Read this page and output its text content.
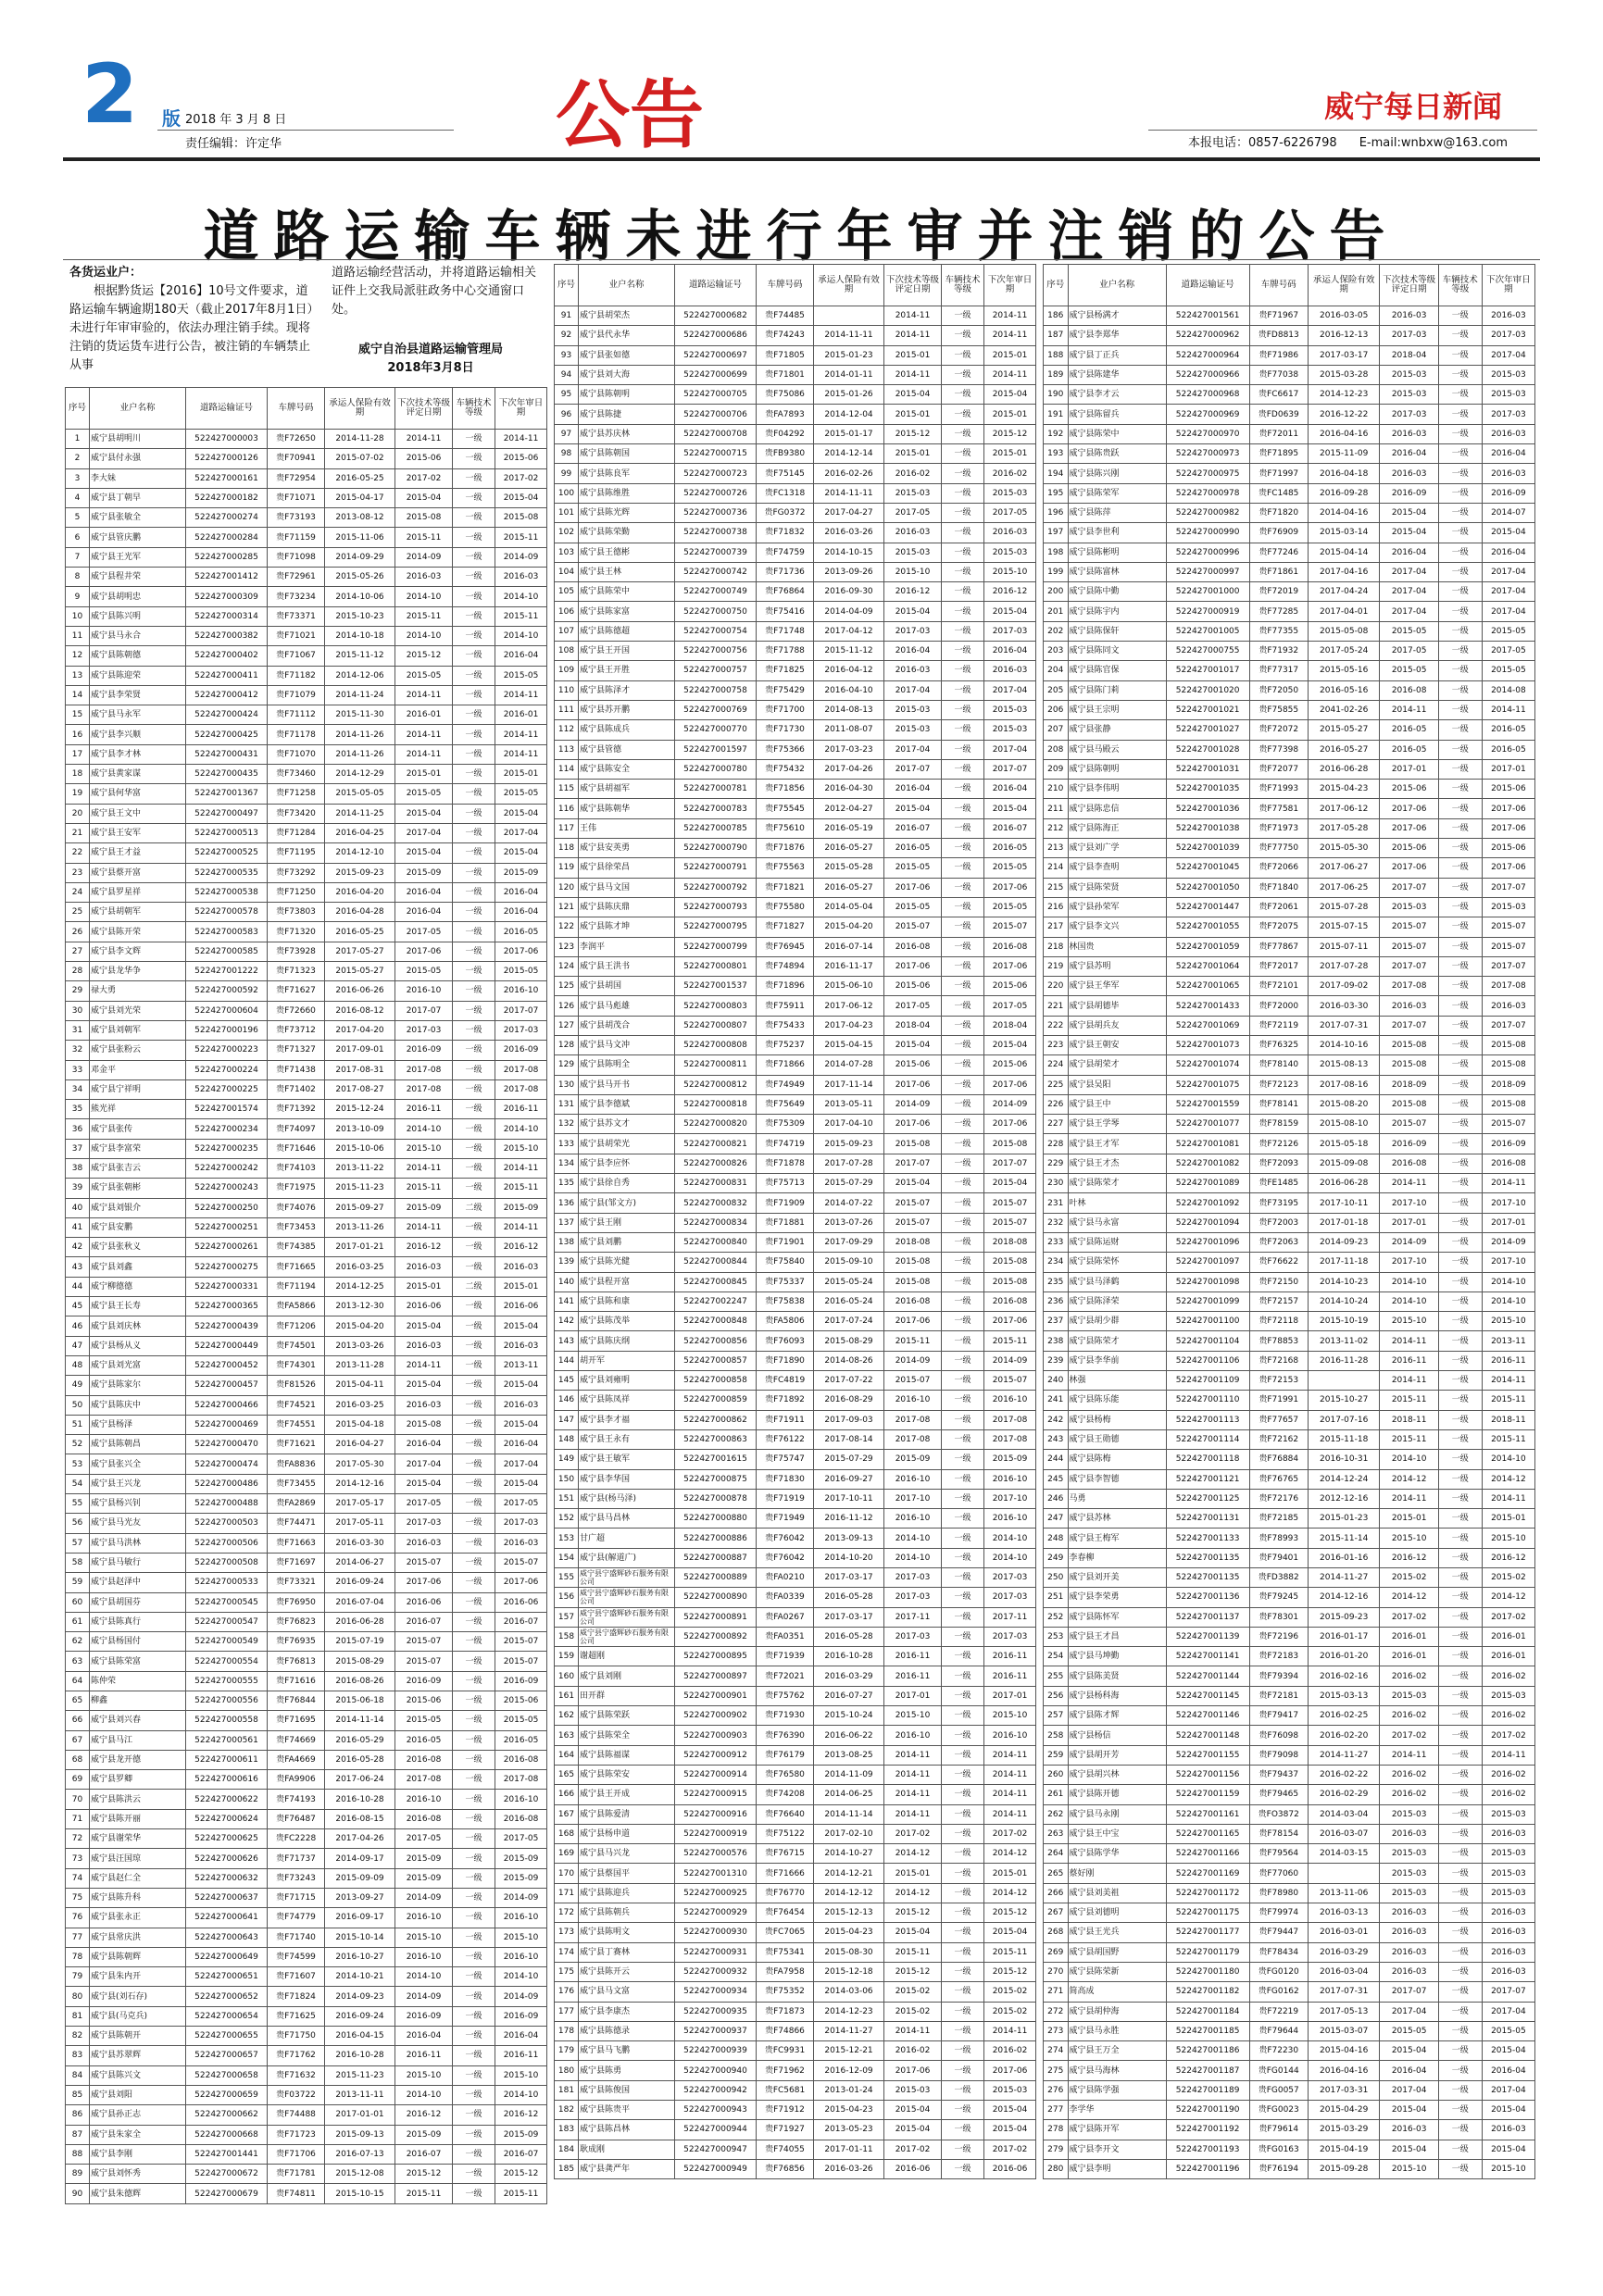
2 版 2018 年 3 月 8 日
责任编辑：许定华	公告	威宁每日新闻
本报电话：0857-6226798 E-mail:wnbxw@163.com
道路运输车辆未进行年审并注销的公告

各货运业户：

根据黔货运【2016】10号文件要求，道路运输车辆逾期180天（截止2017年8月1日）未进行年审审验的，依法办理注销手续。现将注销的货运货车进行公告，被注销的车辆禁止从事

道路运输经营活动，并将道路运输相关证件上交我局派驻政务中心交通窗口处。

威宁自治县道路运输管理局
2018年3月8日
序号	业户名称	道路运输证号	车牌号码	承运人保险有效期	下次技术等级评定日期	车辆技术等级	下次年审日期
1	威宁县胡明川	522427000003	贵F72650	2014-11-28	2014-11	一级	2014-11
2	威宁县付永强	522427000126	贵F70941	2015-07-02	2015-06	一级	2015-06
3	李大妹	522427000161	贵F72954	2016-05-25	2017-02	一级	2017-02
4	威宁县丁朝早	522427000182	贵F71071	2015-04-17	2015-04	一级	2015-04
5	威宁县张敏全	522427000274	贵F73193	2013-08-12	2015-08	一级	2015-08
6	威宁县管庆鹏	522427000284	贵F71159	2015-11-06	2015-11	一级	2015-11
7	威宁县王光军	522427000285	贵F71098	2014-09-29	2014-09	一级	2014-09
8	威宁县程井荣	522427001412	贵F72961	2015-05-26	2016-03	一级	2016-03
9	威宁县胡明忠	522427000309	贵F73234	2014-10-06	2014-10	一级	2014-10
10	威宁县陈兴明	522427000314	贵F73371	2015-10-23	2015-11	一级	2015-11
11	威宁县马永合	522427000382	贵F71021	2014-10-18	2014-10	一级	2014-10
12	威宁县陈朝德	522427000402	贵F71067	2015-11-12	2015-12	一级	2016-04
13	威宁县陈迎荣	522427000411	贵F71182	2014-12-06	2015-05	一级	2015-05
14	威宁县李荣贤	522427000412	贵F71079	2014-11-24	2014-11	一级	2014-11
15	威宁县马永军	522427000424	贵F71112	2015-11-30	2016-01	一级	2016-01
16	威宁县李兴顺	522427000425	贵F71178	2014-11-26	2014-11	一级	2014-11
17	威宁县李才林	522427000431	贵F71070	2014-11-26	2014-11	一级	2014-11
18	威宁县黄家谋	522427000435	贵F73460	2014-12-29	2015-01	一级	2015-01
19	威宁县何华富	522427001367	贵F71258	2015-05-05	2015-05	一级	2015-05
20	威宁县王文中	522427000497	贵F73420	2014-11-25	2015-04	一级	2015-04
21	威宁县王安军	522427000513	贵F71284	2016-04-25	2017-04	一级	2017-04
22	威宁县王才益	522427000525	贵F71195	2014-12-10	2015-04	一级	2015-04
23	威宁县蔡开富	522427000535	贵F73292	2015-09-23	2015-09	一级	2015-09
24	威宁县罗星祥	522427000538	贵F71250	2016-04-20	2016-04	一级	2016-04
25	威宁县胡朝军	522427000578	贵F73803	2016-04-28	2016-04	一级	2016-04
26	威宁县陈开荣	522427000583	贵F71320	2016-05-25	2017-05	一级	2016-05
27	威宁县李文辉	522427000585	贵F73928	2017-05-27	2017-06	一级	2017-06
28	威宁县龙华争	522427001222	贵F71323	2015-05-27	2015-05	一级	2015-05
29	禄大勇	522427000592	贵F71627	2016-06-26	2016-10	一级	2016-10
30	威宁县刘光荣	522427000604	贵F72660	2016-08-12	2017-07	一级	2017-07
31	威宁县刘朝军	522427000196	贵F73712	2017-04-20	2017-03	一级	2017-03
32	威宁县张粉云	522427000223	贵F71327	2017-09-01	2016-09	一级	2016-09
33	邓金平	522427000224	贵F71438	2017-08-31	2017-08	一级	2017-08
34	威宁县宁祥明	522427000225	贵F71402	2017-08-27	2017-08	一级	2017-08
35	熊光祥	522427001574	贵F71392	2015-12-24	2016-11	一级	2016-11
36	威宁县张传	522427000234	贵F74097	2013-10-09	2014-10	一级	2014-10
37	威宁县李富荣	522427000235	贵F71646	2015-10-06	2015-10	一级	2015-10
38	威宁县张吉云	522427000242	贵F74103	2013-11-22	2014-11	一级	2014-11
39	威宁县张朝彬	522427000243	贵F71975	2015-11-23	2015-11	一级	2015-11
40	威宁县刘银介	522427000250	贵F74076	2015-09-27	2015-09	二级	2015-09
41	威宁县安鹏	522427000251	贵F73453	2013-11-26	2014-11	一级	2014-11
42	威宁县张秋义	522427000261	贵F74385	2017-01-21	2016-12	一级	2016-12
43	威宁县刘鑫	522427000275	贵F71665	2016-03-25	2016-03	一级	2016-03
44	威宁柳德德	522427000331	贵F71194	2014-12-25	2015-01	二级	2015-01
45	威宁县王长寿	522427000365	贵FA5866	2013-12-30	2016-06	一级	2016-06
46	威宁县刘庆林	522427000439	贵F71206	2015-04-20	2015-04	一级	2015-04
47	威宁县杨从义	522427000449	贵F74501	2013-03-26	2016-03	一级	2016-03
48	威宁县刘光富	522427000452	贵F74301	2013-11-28	2014-11	一级	2013-11
49	威宁县陈家尔	522427000457	贵F81526	2015-04-11	2015-04	一级	2015-04
50	威宁县陈庆中	522427000466	贵F74521	2016-03-25	2016-03	一级	2016-03
51	威宁县杨泽	522427000469	贵F74551	2015-04-18	2015-08	一级	2015-04
52	威宁县陈朝昌	522427000470	贵F71621	2016-04-27	2016-04	一级	2016-04
53	威宁县张兴全	522427000474	贵FA8836	2017-05-30	2017-04	一级	2017-04
54	威宁县王兴龙	522427000486	贵F73455	2014-12-16	2015-04	一级	2015-04
55	威宁县杨兴钊	522427000488	贵FA2869	2017-05-17	2017-05	一级	2017-05
56	威宁县马光友	522427000503	贵F74471	2017-05-11	2017-03	一级	2017-03
57	威宁县马洪林	522427000506	贵F71663	2016-03-30	2016-03	一级	2016-03
58	威宁县马敏行	522427000508	贵F71697	2014-06-27	2015-07	一级	2015-07
59	威宁县赵泽中	522427000533	贵F73321	2016-09-24	2017-06	一级	2017-06
60	威宁县胡国芬	522427000545	贵F76950	2016-07-04	2016-06	一级	2016-06
61	威宁县陈真行	522427000547	贵F76823	2016-06-28	2016-07	一级	2016-07
62	威宁县杨国付	522427000549	贵F76935	2015-07-19	2015-07	一级	2015-07
63	威宁县陈荣富	522427000554	贵F76813	2015-08-29	2015-07	一级	2015-07
64	陈仲荣	522427000555	贵F71616	2016-08-26	2016-09	一级	2016-09
65	柳鑫	522427000556	贵F76844	2015-06-18	2015-06	一级	2015-06
66	威宁县刘兴春	522427000558	贵F71695	2014-11-14	2015-05	一级	2015-05
67	威宁县马江	522427000561	贵F74669	2016-05-29	2016-05	一级	2016-05
68	威宁县龙开德	522427000611	贵FA4669	2016-05-28	2016-08	一级	2016-08
69	威宁县罗卿	522427000616	贵FA9906	2017-06-24	2017-08	一级	2017-08
70	威宁县陈洪云	522427000622	贵F74193	2016-10-28	2016-10	一级	2016-10
71	威宁县陈开丽	522427000624	贵F76487	2016-08-15	2016-08	一级	2016-08
72	威宁县谢荣华	522427000625	贵FC2228	2017-04-26	2017-05	一级	2017-05
73	威宁县汪国琼	522427000626	贵F71737	2014-09-17	2015-09	一级	2015-09
74	威宁县赵仁全	522427000632	贵F73243	2015-09-09	2015-09	一级	2015-09
75	威宁县陈升科	522427000637	贵F71715	2013-09-27	2014-09	一级	2014-09
76	威宁县张永正	522427000641	贵F74779	2016-09-17	2016-10	一级	2016-10
77	威宁县常庆洪	522427000643	贵F71740	2015-10-14	2015-10	一级	2015-10
78	威宁县陈朝辉	522427000649	贵F74599	2016-10-27	2016-10	一级	2016-10
79	威宁县朱内开	522427000651	贵F71607	2014-10-21	2014-10	一级	2014-10
80	威宁县(刘石存)	522427000652	贵F71824	2014-09-23	2014-09	一级	2014-09
81	威宁县(马克兵)	522427000654	贵F71625	2016-09-24	2016-09	一级	2016-09
82	威宁县陈朝开	522427000655	贵F71750	2016-04-15	2016-04	一级	2016-04
83	威宁县苏翠辉	522427000657	贵F71762	2016-10-28	2016-11	一级	2016-11
84	威宁县陈兴文	522427000658	贵F71632	2015-11-23	2015-10	一级	2015-10
85	威宁县刘阳	522427000659	贵F03722	2013-11-11	2014-10	一级	2014-10
86	威宁县孙正志	522427000662	贵F74488	2017-01-01	2016-12	一级	2016-12
87	威宁县朱家全	522427000668	贵F71723	2015-09-13	2015-09	一级	2015-09
88	威宁县李刚	522427001441	贵F71706	2016-07-13	2016-07	一级	2016-07
89	威宁县刘怀秀	522427000672	贵F71781	2015-12-08	2015-12	一级	2015-12
90	威宁县朱德辉	522427000679	贵F74811	2015-10-15	2015-11	一级	2015-11
序号	业户名称	道路运输证号	车牌号码	承运人保险有效期	下次技术等级评定日期	车辆技术等级	下次年审日期
91	威宁县胡荣杰	522427000682	贵F74485		2014-11	一级	2014-11
92	威宁县代永华	522427000686	贵F74243	2014-11-11	2014-11	一级	2014-11
93	威宁县张如德	522427000697	贵F71805	2015-01-23	2015-01	一级	2015-01
94	威宁县刘大海	522427000699	贵F71801	2014-01-11	2014-11	一级	2014-11
95	威宁县陈朝明	522427000705	贵F75086	2015-01-26	2015-04	一级	2015-04
96	威宁县陈捷	522427000706	贵FA7893	2014-12-04	2015-01	一级	2015-01
97	威宁县苏庆林	522427000708	贵F04292	2015-01-17	2015-12	一级	2015-12
98	威宁县陈朝国	522427000715	贵FB9380	2014-12-14	2015-01	一级	2015-01
99	威宁县陈良军	522427000723	贵F75145	2016-02-26	2016-02	一级	2016-02
100	威宁县陈维胜	522427000726	贵FC1318	2014-11-11	2015-03	一级	2015-03
101	威宁县陈光辉	522427000736	贵FG0372	2017-04-27	2017-05	一级	2017-05
102	威宁县陈荣勤	522427000738	贵F71832	2016-03-26	2016-03	一级	2016-03
103	威宁县王德彬	522427000739	贵F74759	2014-10-15	2015-03	一级	2015-03
104	威宁县王林	522427000742	贵F71736	2013-09-26	2015-10	一级	2015-10
105	威宁县陈荣中	522427000749	贵F76864	2016-09-30	2016-12	一级	2016-12
106	威宁县陈家富	522427000750	贵F75416	2014-04-09	2015-04	一级	2015-04
107	威宁县陈德超	522427000754	贵F71748	2017-04-12	2017-03	一级	2017-03
108	威宁县王开国	522427000756	贵F71788	2015-11-12	2016-04	一级	2016-04
109	威宁县王开胜	522427000757	贵F71825	2016-04-12	2016-03	一级	2016-03
110	威宁县陈泽才	522427000758	贵F75429	2016-04-10	2017-04	一级	2017-04
111	威宁县苏开鹏	522427000769	贵F71700	2014-08-13	2015-03	一级	2015-03
112	威宁县陈成兵	522427000770	贵F71730	2011-08-07	2015-03	一级	2015-03
113	威宁县管德	522427001597	贵F75366	2017-03-23	2017-04	一级	2017-04
114	威宁县陈安全	522427000780	贵F75432	2017-04-26	2017-07	一级	2017-07
115	威宁县胡福军	522427000781	贵F71856	2016-04-30	2016-04	一级	2016-04
116	威宁县陈朝华	522427000783	贵F75545	2012-04-27	2015-04	一级	2015-04
117	王伟	522427000785	贵F75610	2016-05-19	2016-07	一级	2016-07
118	威宁县安英勇	522427000790	贵F71876	2016-05-27	2016-05	一级	2016-05
119	威宁县徐荣昌	522427000791	贵F75563	2015-05-28	2015-05	一级	2015-05
120	威宁县马文国	522427000792	贵F71821	2016-05-27	2017-06	一级	2017-06
121	威宁县陈庆鼎	522427000793	贵F75580	2014-05-04	2015-05	一级	2015-05
122	威宁县陈才坤	522427000795	贵F71827	2015-04-20	2015-07	一级	2015-07
123	李润平	522427000799	贵F76945	2016-07-14	2016-08	一级	2016-08
124	威宁县王洪书	522427000801	贵F74894	2016-11-17	2017-06	一级	2017-06
125	威宁县胡国	522427001537	贵F71896	2015-06-10	2015-06	一级	2015-06
126	威宁县马彪雄	522427000803	贵F75911	2017-06-12	2017-05	一级	2017-05
127	威宁县胡茂合	522427000807	贵F75433	2017-04-23	2018-04	一级	2018-04
128	威宁县马文冲	522427000808	贵F75237	2015-04-15	2015-04	一级	2015-04
129	威宁县陈明全	522427000811	贵F71866	2014-07-28	2015-06	一级	2015-06
130	威宁县马开书	522427000812	贵F74949	2017-11-14	2017-06	一级	2017-06
131	威宁县李德斌	522427000818	贵F75649	2013-05-11	2014-09	一级	2014-09
132	威宁县苏文才	522427000820	贵F75309	2017-04-10	2017-06	一级	2017-06
133	威宁县胡荣光	522427000821	贵F74719	2015-09-23	2015-08	一级	2015-08
134	威宁县李应怀	522427000826	贵F71878	2017-07-28	2017-07	一级	2017-07
135	威宁县徐自秀	522427000831	贵F75713	2015-07-29	2015-04	一级	2015-04
136	威宁县(邹文方)	522427000832	贵F71909	2014-07-22	2015-07	一级	2015-07
137	威宁县王刚	522427000834	贵F71881	2013-07-26	2015-07	一级	2015-07
138	威宁县刘鹏	522427000840	贵F71901	2017-09-29	2018-08	一级	2018-08
139	威宁县陈光健	522427000844	贵F75840	2015-09-10	2015-08	一级	2015-08
140	威宁县程开富	522427000845	贵F75337	2015-05-24	2015-08	一级	2015-08
141	威宁县陈和康	522427002247	贵F75838	2016-05-24	2016-08	一级	2016-08
142	威宁县陈茂举	522427000848	贵FA5806	2017-07-24	2017-06	一级	2017-06
143	威宁县陈庆纲	522427000856	贵F76093	2015-08-29	2015-11	一级	2015-11
144	胡开军	522427000857	贵F71890	2014-08-26	2014-09	一级	2014-09
145	威宁县刘雍明	522427000858	贵FC4819	2017-07-22	2015-07	一级	2015-07
146	威宁县陈凤祥	522427000859	贵F71892	2016-08-29	2016-10	一级	2016-10
147	威宁县李才福	522427000862	贵F71911	2017-09-03	2017-08	一级	2017-08
148	威宁县王永有	522427000863	贵F76122	2017-08-14	2017-08	一级	2017-08
149	威宁县王敏军	522427001615	贵F75747	2015-07-29	2015-09	一级	2015-09
150	威宁县李华国	522427000875	贵F71830	2016-09-27	2016-10	一级	2016-10
151	威宁县(杨马泽)	522427000878	贵F71919	2017-10-11	2017-10	一级	2017-10
152	威宁县马昌林	522427000880	贵F71949	2016-11-12	2016-10	一级	2016-10
153	甘广超	522427000886	贵F76042	2013-09-13	2014-10	一级	2014-10
154	威宁县(解道广)	522427000887	贵F76042	2014-10-20	2014-10	一级	2014-10
155	威宁县宁盛辉砂石服务有限公司	522427000889	贵FA0210	2017-03-17	2017-03	一级	2017-03
156	威宁县宁盛辉砂石服务有限公司	522427000890	贵FA0339	2016-05-28	2017-03	一级	2017-03
157	威宁县宁盛辉砂石服务有限公司	522427000891	贵FA0267	2017-03-17	2017-11	一级	2017-11
158	威宁县宁盛辉砂石服务有限公司	522427000892	贵FA0351	2016-05-28	2017-03	一级	2017-03
159	谢超刚	522427000895	贵F71939	2016-10-28	2016-11	一级	2016-11
160	威宁县刘刚	522427000897	贵F72021	2016-03-29	2016-11	一级	2016-11
161	田开群	522427000901	贵F75762	2016-07-27	2017-01	一级	2017-01
162	威宁县陈荣跃	522427000902	贵F71930	2015-10-24	2015-10	一级	2015-10
163	威宁县陈荣全	522427000903	贵F76390	2016-06-22	2016-10	一级	2016-10
164	威宁县陈福谋	522427000912	贵F76179	2013-08-25	2014-11	一级	2014-11
165	威宁县陈荣安	522427000914	贵F76580	2014-11-09	2014-11	一级	2014-11
166	威宁县王开成	522427000915	贵F74208	2014-06-25	2014-11	一级	2014-11
167	威宁县陈爱清	522427000916	贵F76640	2014-11-14	2014-11	一级	2014-11
168	威宁县杨申道	522427000919	贵F75122	2017-02-10	2017-02	一级	2017-02
169	威宁县马兴龙	522427000576	贵F76715	2014-10-27	2014-12	一级	2014-12
170	威宁县蔡国平	522427001310	贵F71666	2014-12-21	2015-01	一级	2015-01
171	威宁县陈迎兵	522427000925	贵F76770	2014-12-12	2014-12	一级	2014-12
172	威宁县陈朝兵	522427000929	贵F76454	2015-12-13	2015-12	一级	2015-12
173	威宁县陈明文	522427000930	贵FC7065	2015-04-23	2015-04	一级	2015-04
174	威宁县丁赛林	522427000931	贵F75341	2015-08-30	2015-11	一级	2015-11
175	威宁县陈开云	522427000932	贵FA7958	2015-12-18	2015-12	一级	2015-12
176	威宁县马文富	522427000934	贵F75352	2014-03-06	2015-02	一级	2015-02
177	威宁县李康杰	522427000935	贵F71873	2014-12-23	2015-02	一级	2015-02
178	威宁县陈德录	522427000937	贵F74866	2014-11-27	2014-11	一级	2014-11
179	威宁县马飞鹏	522427000939	贵FC9931	2015-12-21	2016-02	一级	2016-02
180	威宁县陈勇	522427000940	贵F71962	2016-12-09	2017-06	一级	2017-06
181	威宁县陈俊国	522427000942	贵FC5681	2013-01-24	2015-03	一级	2015-03
182	威宁县陈贵平	522427000943	贵F71912	2015-04-23	2015-04	一级	2015-04
183	威宁县陈昌林	522427000944	贵F71927	2013-05-23	2015-04	一级	2015-04
184	耿成刚	522427000947	贵F74055	2017-01-11	2017-02	一级	2017-02
185	威宁县龚严年	522427000949	贵F76856	2016-03-26	2016-06	一级	2016-06
序号	业户名称	道路运输证号	车牌号码	承运人保险有效期	下次技术等级评定日期	车辆技术等级	下次年审日期
186	威宁县杨满才	522427001561	贵F71967	2016-03-05	2016-03	一级	2016-03
187	威宁县李郑华	522427000962	贵FD8813	2016-12-13	2017-03	一级	2017-03
188	威宁县丁正兵	522427000964	贵F71986	2017-03-17	2018-04	一级	2017-04
189	威宁县陈建华	522427000966	贵F77038	2015-03-28	2015-03	一级	2015-03
190	威宁县李才云	522427000968	贵FC6617	2014-12-23	2015-03	一级	2015-03
191	威宁县陈留兵	522427000969	贵FD0639	2016-12-22	2017-03	一级	2017-03
192	威宁县陈荣中	522427000970	贵F72011	2016-04-16	2016-03	一级	2016-03
193	威宁县陈贵跃	522427000973	贵F71895	2015-11-09	2016-04	一级	2016-04
194	威宁县陈兴刚	522427000975	贵F71997	2016-04-18	2016-03	一级	2016-03
195	威宁县陈荣军	522427000978	贵FC1485	2016-09-28	2016-09	一级	2016-09
196	威宁县陈萍	522427000982	贵F71820	2014-04-16	2015-04	一级	2014-07
197	威宁县李世利	522427000990	贵F76909	2015-03-14	2015-04	一级	2015-04
198	威宁县陈彬明	522427000996	贵F77246	2015-04-14	2016-04	一级	2016-04
199	威宁县陈富林	522427000997	贵F71861	2017-04-16	2017-04	一级	2017-04
200	威宁县陈中勤	522427001000	贵F72019	2017-04-24	2017-04	一级	2017-04
201	威宁县陈宇内	522427000919	贵F77285	2017-04-01	2017-04	一级	2017-04
202	威宁县陈保轩	522427001005	贵F77355	2015-05-08	2015-05	一级	2015-05
203	威宁县陈同文	522427000755	贵F71932	2017-05-24	2017-05	一级	2017-05
204	威宁县陈官保	522427001017	贵F77317	2015-05-16	2015-05	一级	2015-05
205	威宁县陈门莉	522427001020	贵F72050	2016-05-16	2016-08	一级	2014-08
206	威宁县王宗明	522427001021	贵F75855	2041-02-26	2014-11	一级	2014-11
207	威宁县张静	522427001027	贵F72072	2015-05-27	2016-05	一级	2016-05
208	威宁县马殿云	522427001028	贵F77398	2016-05-27	2016-05	一级	2016-05
209	威宁县陈朝明	522427001031	贵F72077	2016-06-28	2017-01	一级	2017-01
210	威宁县李伟明	522427001035	贵F71993	2015-04-23	2015-06	一级	2015-06
211	威宁县陈忠信	522427001036	贵F77581	2017-06-12	2017-06	一级	2017-06
212	威宁县陈海正	522427001038	贵F71973	2017-05-28	2017-06	一级	2017-06
213	威宁县刘广学	522427001039	贵F77750	2015-05-30	2015-06	一级	2015-06
214	威宁县李查明	522427001045	贵F72066	2017-06-27	2017-06	一级	2017-06
215	威宁县陈荣贤	522427001050	贵F71840	2017-06-25	2017-07	一级	2017-07
216	威宁县孙荣军	522427001447	贵F72061	2015-07-28	2015-03	一级	2015-03
217	威宁县李文兴	522427001055	贵F72075	2015-07-15	2015-07	一级	2015-07
218	林国贵	522427001059	贵F77867	2015-07-11	2015-07	一级	2015-07
219	威宁县苏明	522427001064	贵F72017	2017-07-28	2017-07	一级	2017-07
220	威宁县王华军	522427001065	贵F72101	2017-09-02	2017-08	一级	2017-08
221	威宁县胡德毕	522427001433	贵F72000	2016-03-30	2016-03	一级	2016-03
222	威宁县胡兵友	522427001069	贵F72119	2017-07-31	2017-07	一级	2017-07
223	威宁县王朝安	522427001073	贵F76325	2014-10-16	2015-08	一级	2015-08
224	威宁县胡荣才	522427001074	贵F78140	2015-08-13	2015-08	一级	2015-08
225	威宁县吴阳	522427001075	贵F72123	2017-08-16	2018-09	一级	2018-09
226	威宁县王中	522427001559	贵F78141	2015-08-20	2015-08	一级	2015-08
227	威宁县王学琴	522427001077	贵F78159	2015-08-10	2015-07	一级	2015-07
228	威宁县王才军	522427001081	贵F72126	2015-05-18	2016-09	一级	2016-09
229	威宁县王才杰	522427001082	贵F72093	2015-09-08	2016-08	一级	2016-08
230	威宁县陈荣才	522427001089	贵FE1485	2016-06-28	2014-11	一级	2014-11
231	叶林	522427001092	贵F73195	2017-10-11	2017-10	一级	2017-10
232	威宁县马永富	522427001094	贵F72003	2017-01-18	2017-01	一级	2017-01
233	威宁县陈运财	522427001096	贵F72063	2014-09-23	2014-09	一级	2014-09
234	威宁县陈荣怀	522427001097	贵F76622	2017-11-18	2017-10	一级	2017-10
235	威宁县马泽鹤	522427001098	贵F72150	2014-10-23	2014-10	一级	2014-10
236	威宁县陈泽荣	522427001099	贵F72157	2014-10-24	2014-10	一级	2014-10
237	威宁县胡少群	522427001100	贵F72118	2015-10-19	2015-10	一级	2015-10
238	威宁县陈荣才	522427001104	贵F78853	2013-11-02	2014-11	一级	2013-11
239	威宁县李华前	522427001106	贵F72168	2016-11-28	2016-11	一级	2016-11
240	林强	522427001109	贵F72153		2014-11	一级	2014-11
241	威宁县陈乐能	522427001110	贵F71991	2015-10-27	2015-11	一级	2015-11
242	威宁县杨梅	522427001113	贵F77657	2017-07-16	2018-11	一级	2018-11
243	威宁县王勋德	522427001114	贵F72162	2015-11-18	2015-11	一级	2015-11
244	威宁县陈梅	522427001118	贵F76884	2016-10-31	2014-10	一级	2014-10
245	威宁县李智德	522427001121	贵F76765	2014-12-24	2014-12	一级	2014-12
246	马勇	522427001125	贵F72176	2012-12-16	2014-11	一级	2014-11
247	威宁县苏林	522427001131	贵F72185	2015-01-23	2015-01	一级	2015-01
248	威宁县王梅军	522427001133	贵F78993	2015-11-14	2015-10	一级	2015-10
249	李春柳	522427001135	贵F79401	2016-01-16	2016-12	一级	2016-12
250	威宁县刘开美	522427001135	贵FD3882	2014-11-27	2015-02	一级	2015-02
251	威宁县李荣勇	522427001136	贵F79245	2014-12-16	2014-12	一级	2014-12
252	威宁县陈怀军	522427001137	贵F78301	2015-09-23	2017-02	一级	2017-02
253	威宁县王才昌	522427001139	贵F72196	2016-01-17	2016-01	一级	2016-01
254	威宁县马坤勤	522427001141	贵F72183	2016-01-20	2016-01	一级	2016-01
255	威宁县陈美贤	522427001144	贵F79394	2016-02-16	2016-02	一级	2016-02
256	威宁县杨科海	522427001145	贵F72181	2015-03-13	2015-03	一级	2015-03
257	威宁县陈才辉	522427001146	贵F79417	2016-02-25	2016-02	一级	2016-02
258	威宁县杨信	522427001148	贵F76098	2016-02-20	2017-02	一级	2017-02
259	威宁县胡开芳	522427001155	贵F79098	2014-11-27	2014-11	一级	2014-11
260	威宁县胡兴林	522427001156	贵F79437	2016-02-22	2016-02	一级	2016-02
261	威宁县陈开德	522427001159	贵F79465	2016-02-29	2016-02	一级	2016-02
262	威宁县马永刚	522427001161	贵FO3872	2014-03-04	2015-03	一级	2015-03
263	威宁县王中宝	522427001165	贵F78154	2016-03-07	2016-03	一级	2016-03
264	威宁县陈学华	522427001166	贵F79564	2014-03-15	2015-03	一级	2015-03
265	蔡好刚	522427001169	贵F77060		2015-03	一级	2015-03
266	威宁县刘美祖	522427001172	贵F78980	2013-11-06	2015-03	一级	2015-03
267	威宁县刘德明	522427001175	贵F79974	2016-03-13	2016-03	一级	2016-03
268	威宁县王光兵	522427001177	贵F79447	2016-03-01	2016-03	一级	2016-03
269	威宁县胡国野	522427001179	贵F78434	2016-03-29	2016-03	一级	2016-03
270	威宁县陈荣新	522427001180	贵FG0120	2016-03-04	2016-03	一级	2016-03
271	简高成	522427001182	贵FG0162	2017-07-31	2017-07	一级	2017-07
272	威宁县胡仲海	522427001184	贵F72219	2017-05-13	2017-04	一级	2017-04
273	威宁县马永胜	522427001185	贵F79644	2015-03-07	2015-05	一级	2015-05
274	威宁县王万全	522427001186	贵F72230	2015-04-16	2015-04	一级	2015-04
275	威宁县马海林	522427001187	贵FG0144	2016-04-16	2016-04	一级	2016-04
276	威宁县陈学强	522427001189	贵FG0057	2017-03-31	2017-04	一级	2017-04
277	李学华	522427001190	贵FG0023	2015-04-29	2015-04	一级	2015-04
278	威宁县陈开军	522427001192	贵F79614	2015-03-29	2016-03	一级	2016-03
279	威宁县李开文	522427001193	贵FG0163	2015-04-19	2015-04	一级	2015-04
280	威宁县李明	522427001196	贵F76194	2015-09-28	2015-10	一级	2015-10
